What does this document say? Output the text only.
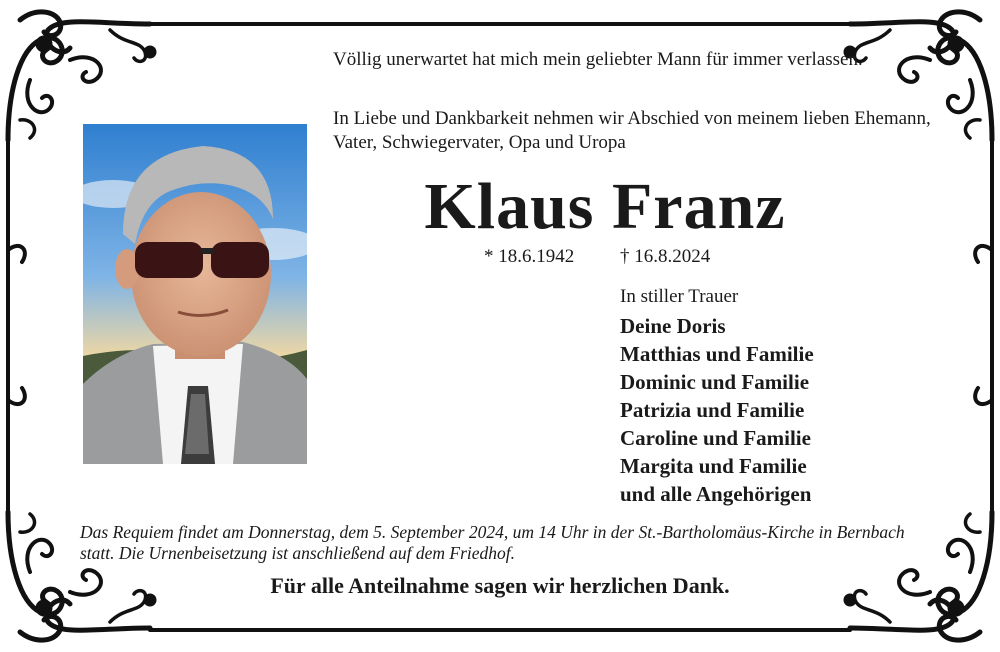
Völlig unerwartet hat mich mein geliebter Mann für immer verlassen.

In Liebe und Dankbarkeit nehmen wir Abschied von meinem lieben Ehemann, Vater, Schwiegervater, Opa und Uropa

Klaus Franz
* 18.6.1942 † 16.8.2024
In stiller Trauer
Deine Doris
Matthias und Familie
Dominic und Familie
Patrizia und Familie
Caroline und Familie
Margita und Familie
und alle Angehörigen

Das Requiem findet am Donnerstag, dem 5. September 2024, um 14 Uhr in der St.-Bartholomäus-Kirche in Bernbach statt. Die Urnenbeisetzung ist anschließend auf dem Friedhof.

Für alle Anteilnahme sagen wir herzlichen Dank.
